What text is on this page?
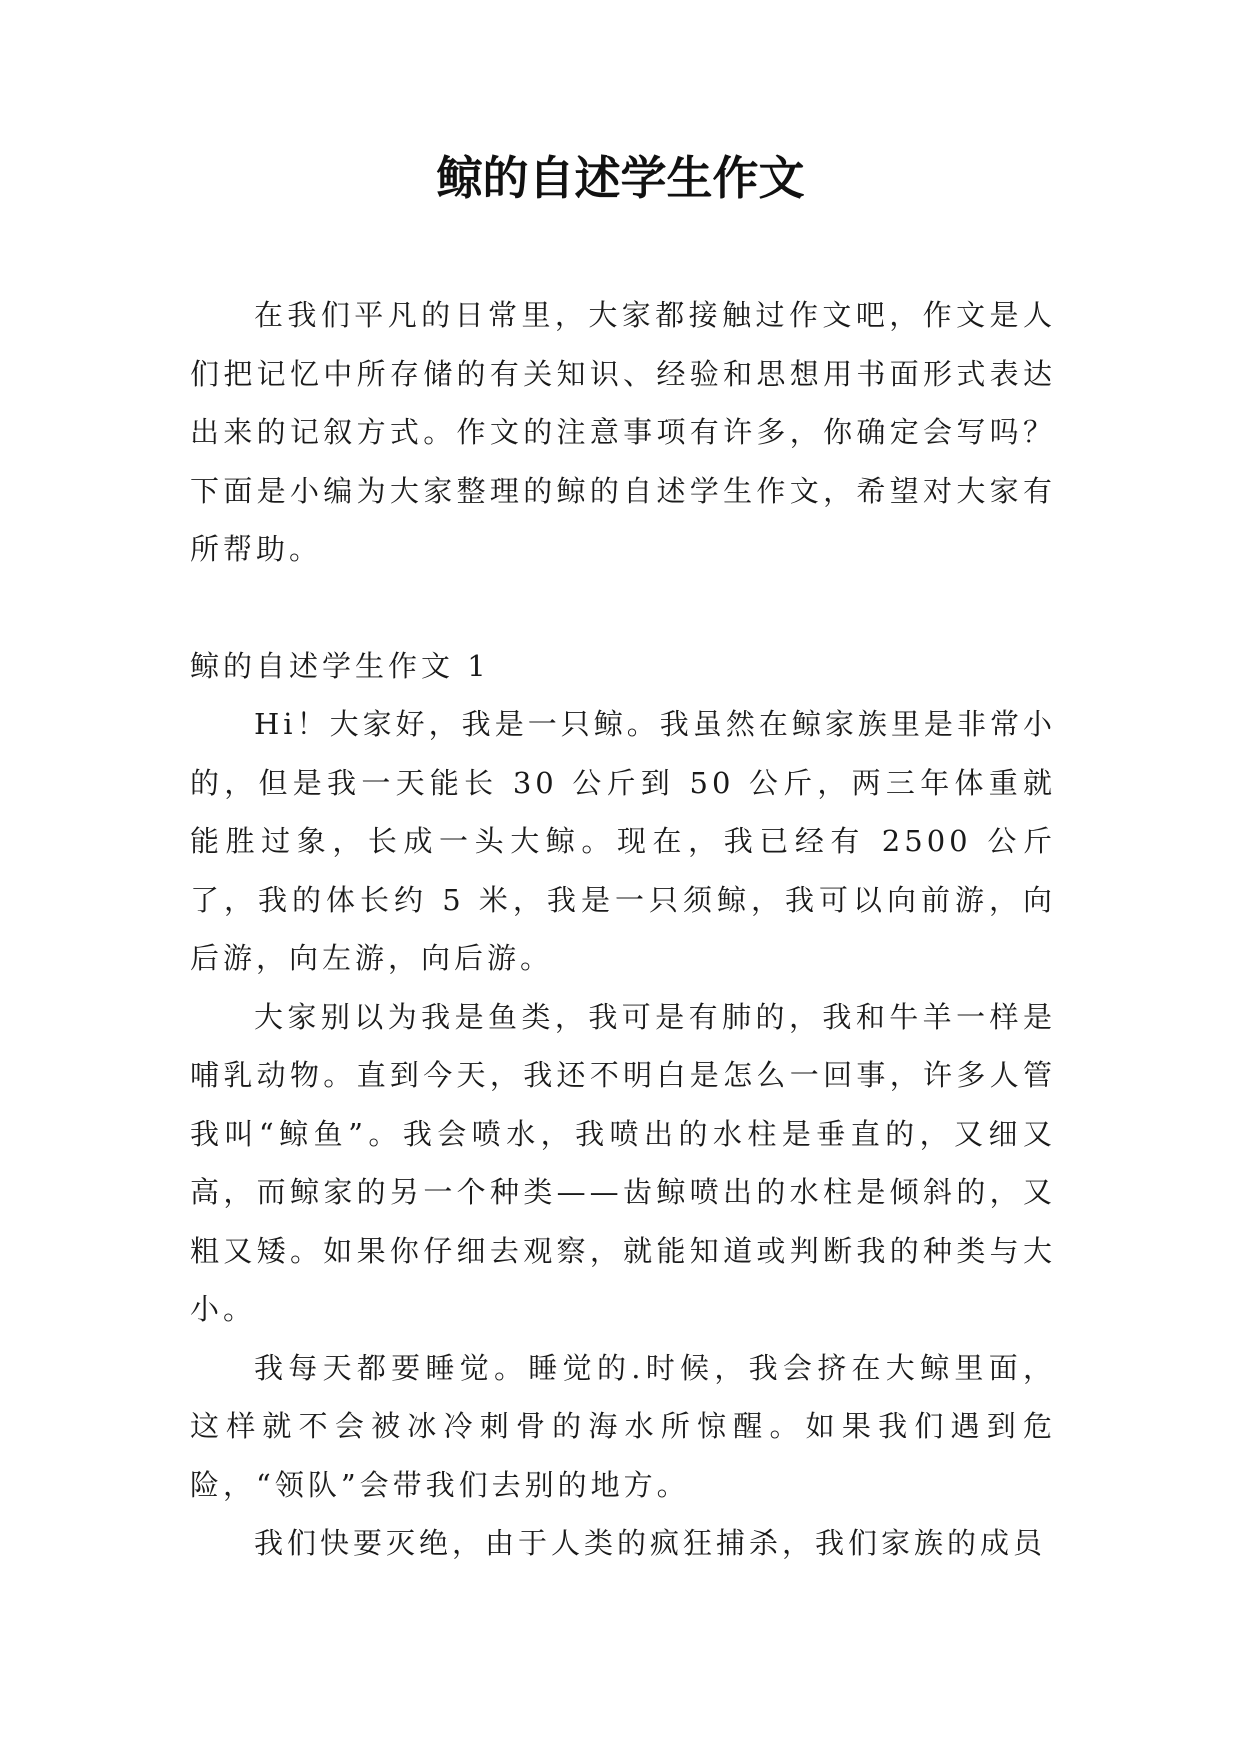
鲸的自述学生作文

在我们平凡的日常里，大家都接触过作文吧，作文是人们把记忆中所存储的有关知识、经验和思想用书面形式表达出来的记叙方式。作文的注意事项有许多，你确定会写吗？下面是小编为大家整理的鲸的自述学生作文，希望对大家有所帮助。

鲸的自述学生作文 1

Hi！大家好，我是一只鲸。我虽然在鲸家族里是非常小的，但是我一天能长 30 公斤到 50 公斤，两三年体重就能胜过象，长成一头大鲸。现在，我已经有 2500 公斤了，我的体长约 5 米，我是一只须鲸，我可以向前游，向后游，向左游，向后游。

大家别以为我是鱼类，我可是有肺的，我和牛羊一样是哺乳动物。直到今天，我还不明白是怎么一回事，许多人管我叫“鲸鱼”。我会喷水，我喷出的水柱是垂直的，又细又高，而鲸家的另一个种类——齿鲸喷出的水柱是倾斜的，又粗又矮。如果你仔细去观察，就能知道或判断我的种类与大小。

我每天都要睡觉。睡觉的.时候，我会挤在大鲸里面，这样就不会被冰冷刺骨的海水所惊醒。如果我们遇到危险，“领队”会带我们去别的地方。

我们快要灭绝，由于人类的疯狂捕杀，我们家族的成员
